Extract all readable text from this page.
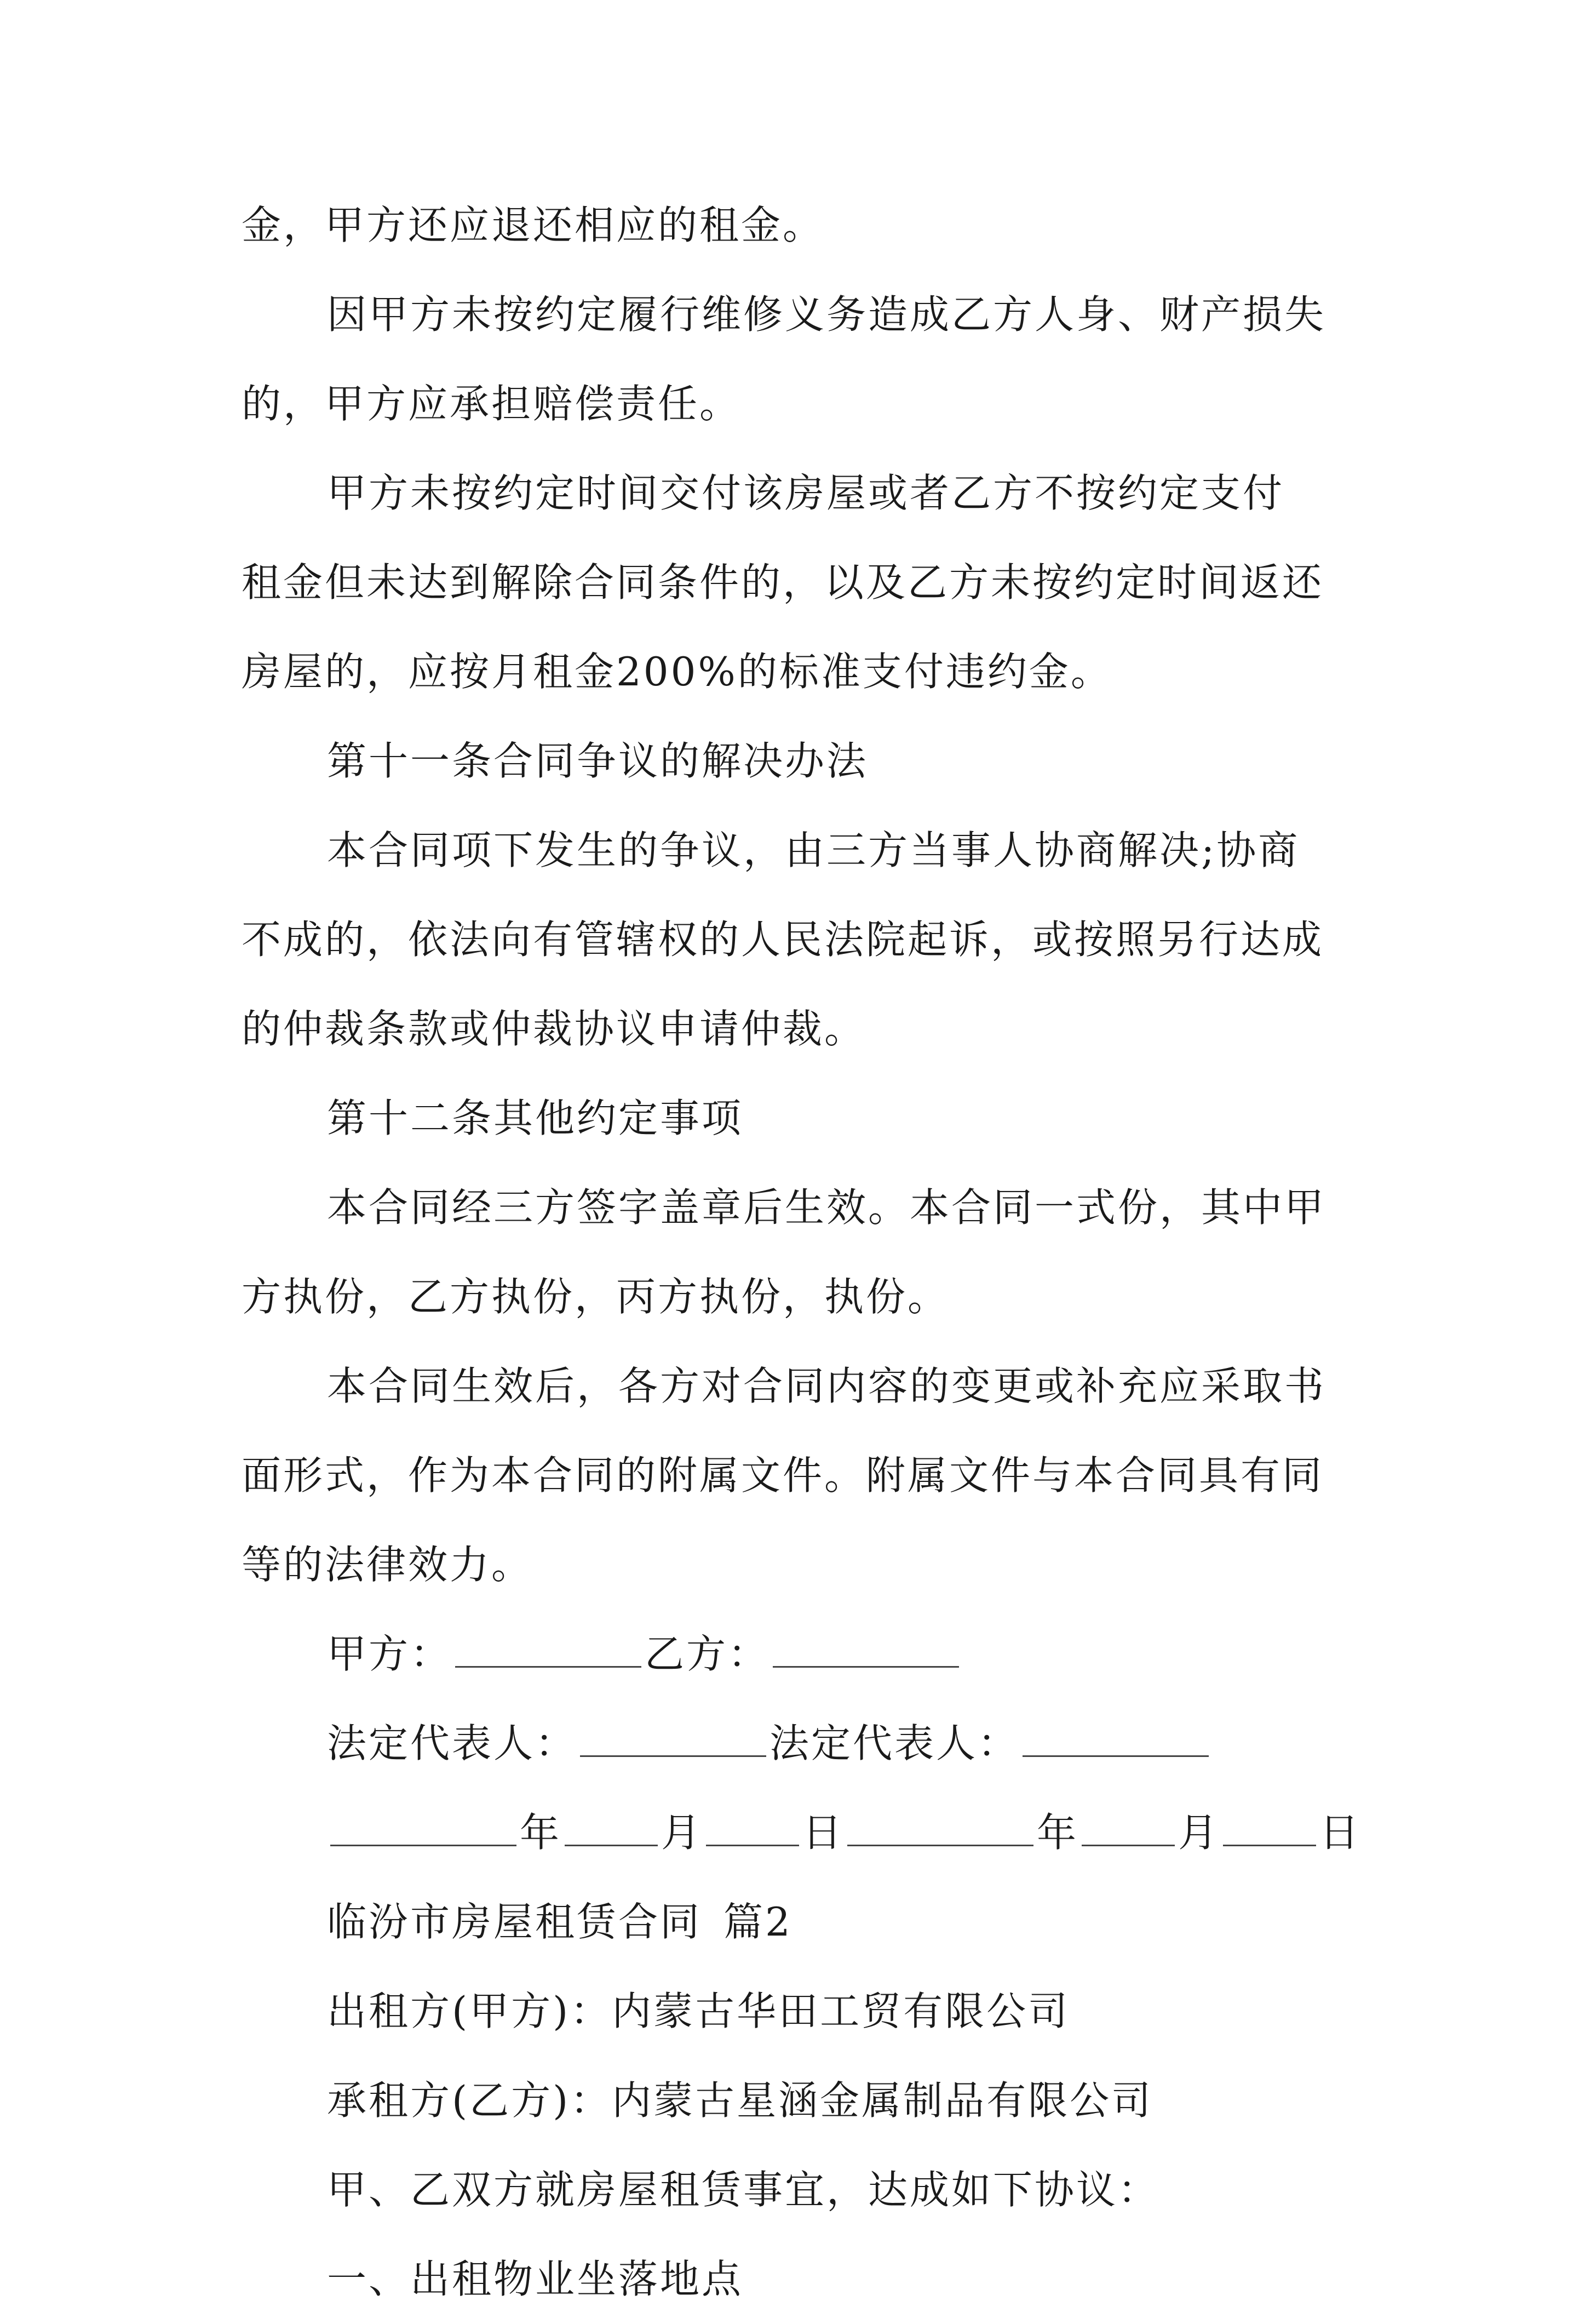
金，甲方还应退还相应的租金。
因甲方未按约定履行维修义务造成乙方人身、财产损失
的，甲方应承担赔偿责任。
甲方未按约定时间交付该房屋或者乙方不按约定支付
租金但未达到解除合同条件的，以及乙方未按约定时间返还
房屋的，应按月租金200%的标准支付违约金。
第十一条合同争议的解决办法
本合同项下发生的争议，由三方当事人协商解决;协商
不成的，依法向有管辖权的人民法院起诉，或按照另行达成
的仲裁条款或仲裁协议申请仲裁。
第十二条其他约定事项
本合同经三方签字盖章后生效。本合同一式份，其中甲
方执份，乙方执份，丙方执份，执份。
本合同生效后，各方对合同内容的变更或补充应采取书
面形式，作为本合同的附属文件。附属文件与本合同具有同
等的法律效力。
甲方：	乙方：
法定代表人：	法定代表人：
年	月	日	年	月	日
临汾市房屋租赁合同 篇2
出租方(甲方)：内蒙古华田工贸有限公司
承租方(乙方)：内蒙古星涵金属制品有限公司
甲、乙双方就房屋租赁事宜，达成如下协议：
一、出租物业坐落地点
